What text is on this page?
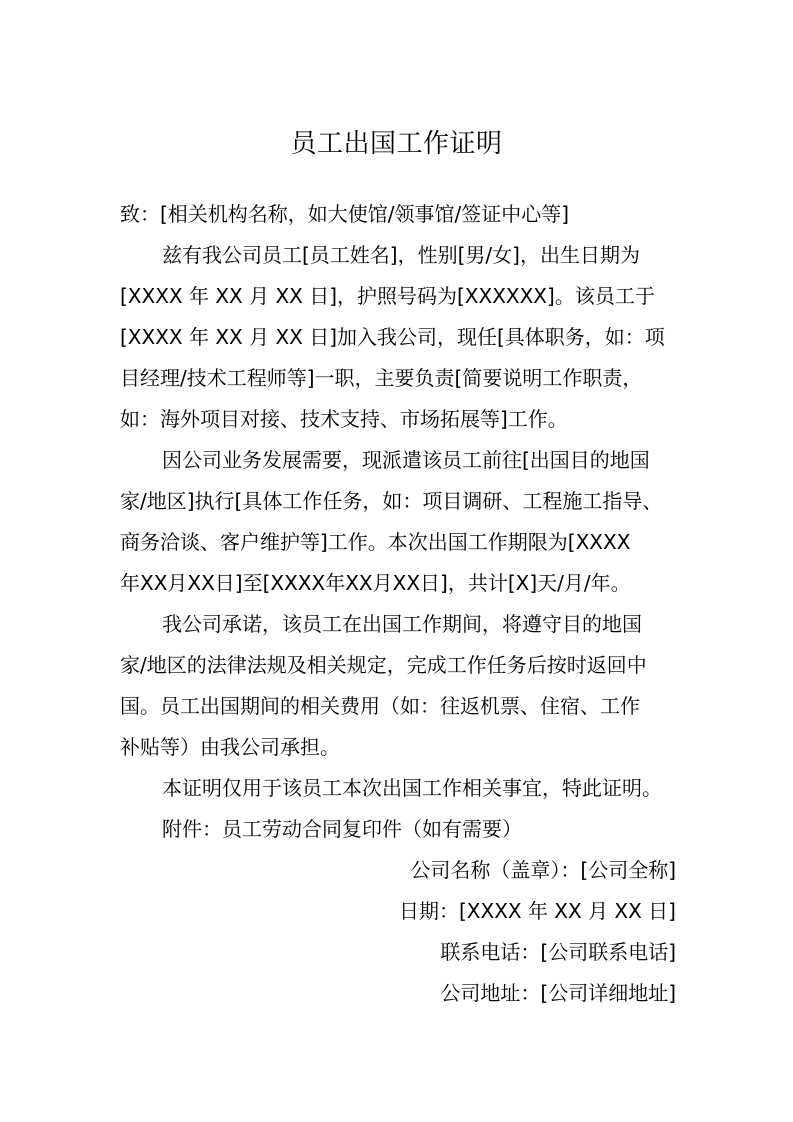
员工出国工作证明
致：[相关机构名称，如大使馆/领事馆/签证中心等]
兹有我公司员工[员工姓名]，性别[男/女]，出生日期为
[XXXX 年 XX 月 XX 日]，护照号码为[XXXXXX]。该员工于
[XXXX 年 XX 月 XX 日]加入我公司，现任[具体职务，如：项
目经理/技术工程师等]一职，主要负责[简要说明工作职责，
如：海外项目对接、技术支持、市场拓展等]工作。
因公司业务发展需要，现派遣该员工前往[出国目的地国
家/地区]执行[具体工作任务，如：项目调研、工程施工指导、
商务洽谈、客户维护等]工作。本次出国工作期限为[XXXX
年XX月XX日]至[XXXX年XX月XX日]，共计[X]天/月/年。
我公司承诺，该员工在出国工作期间，将遵守目的地国
家/地区的法律法规及相关规定，完成工作任务后按时返回中
国。员工出国期间的相关费用（如：往返机票、住宿、工作
补贴等）由我公司承担。
本证明仅用于该员工本次出国工作相关事宜，特此证明。
附件：员工劳动合同复印件（如有需要）
公司名称（盖章）：[公司全称]
日期：[XXXX 年 XX 月 XX 日]
联系电话：[公司联系电话]
公司地址：[公司详细地址]
